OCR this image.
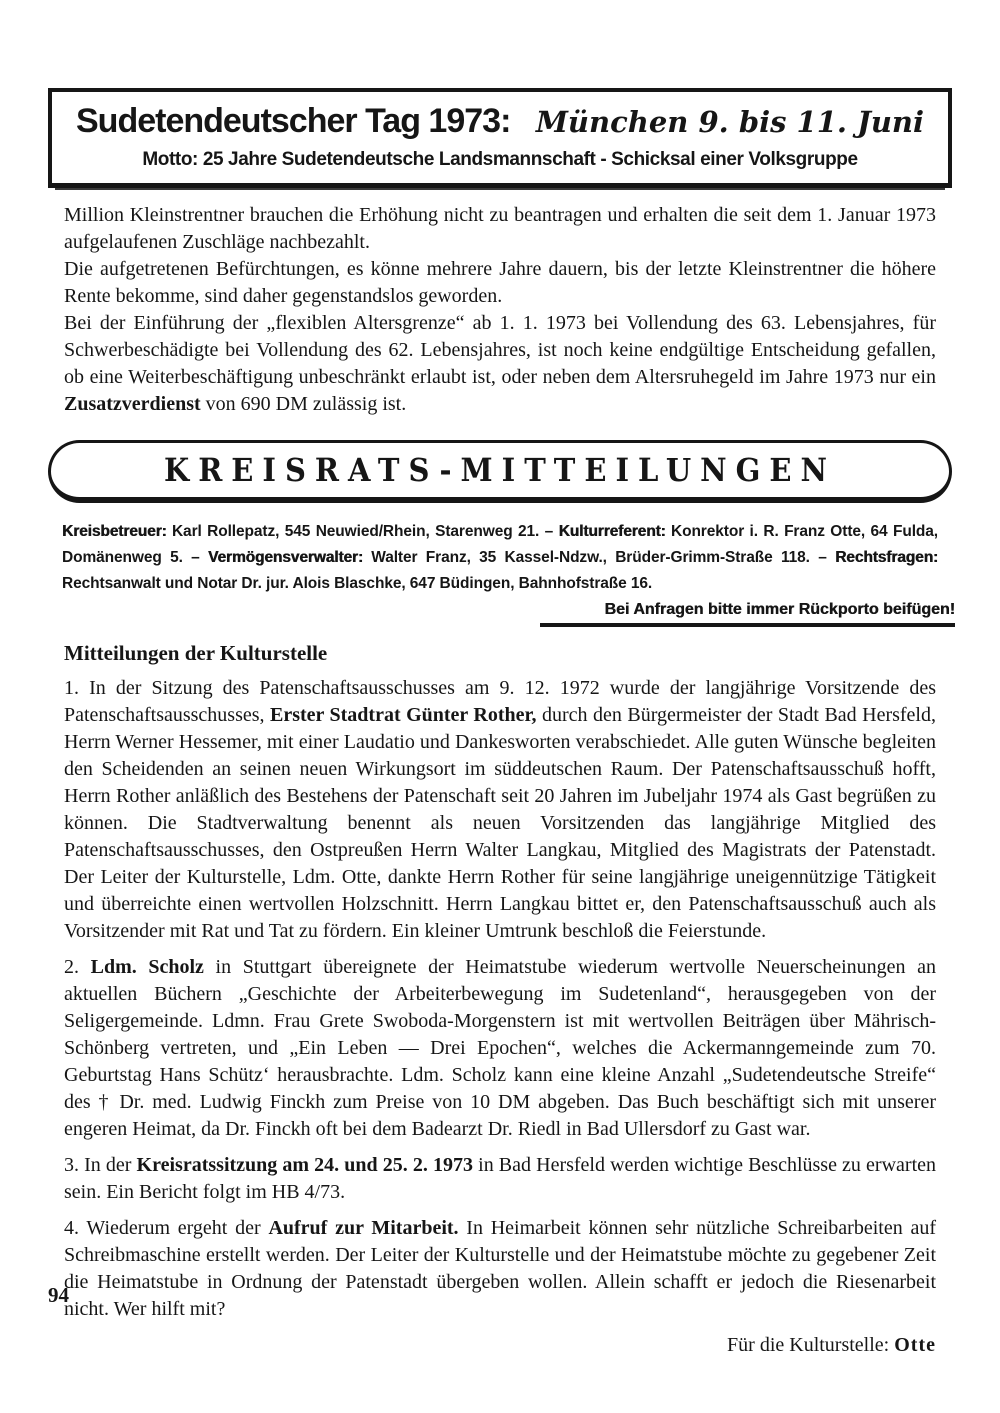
Sudetendeutscher Tag 1973: München 9. bis 11. Juni
Motto: 25 Jahre Sudetendeutsche Landsmannschaft - Schicksal einer Volksgruppe

Million Kleinstrentner brauchen die Erhöhung nicht zu beantragen und erhalten die seit dem 1. Januar 1973 aufgelaufenen Zuschläge nachbezahlt.

Die aufgetretenen Befürchtungen, es könne mehrere Jahre dauern, bis der letzte Kleinstrentner die höhere Rente bekomme, sind daher gegenstandslos geworden.

Bei der Einführung der „flexiblen Altersgrenze“ ab 1. 1. 1973 bei Vollendung des 63. Lebensjahres, für Schwerbeschädigte bei Vollendung des 62. Lebensjahres, ist noch keine endgültige Entscheidung gefallen, ob eine Weiterbeschäftigung unbeschränkt erlaubt ist, oder neben dem Altersruhegeld im Jahre 1973 nur ein Zusatzverdienst von 690 DM zulässig ist.

KREISRATS-MITTEILUNGEN

Kreisbetreuer: Karl Rollepatz, 545 Neuwied/Rhein, Starenweg 21. – Kulturreferent: Konrektor i. R. Franz Otte, 64 Fulda, Domänenweg 5. – Vermögensverwalter: Walter Franz, 35 Kassel-Ndzw., Brüder-Grimm-Straße 118. – Rechtsfragen: Rechtsanwalt und Notar Dr. jur. Alois Blaschke, 647 Büdingen, Bahnhofstraße 16.

Bei Anfragen bitte immer Rückporto beifügen!
Mitteilungen der Kulturstelle

1. In der Sitzung des Patenschaftsausschusses am 9. 12. 1972 wurde der langjährige Vorsitzende des Patenschaftsausschusses, Erster Stadtrat Günter Rother, durch den Bürgermeister der Stadt Bad Hersfeld, Herrn Werner Hessemer, mit einer Laudatio und Dankesworten verabschiedet. Alle guten Wünsche begleiten den Scheidenden an seinen neuen Wirkungsort im süddeutschen Raum. Der Patenschaftsausschuß hofft, Herrn Rother anläßlich des Bestehens der Patenschaft seit 20 Jahren im Jubeljahr 1974 als Gast begrüßen zu können. Die Stadtverwaltung benennt als neuen Vorsitzenden das langjährige Mitglied des Patenschaftsausschusses, den Ostpreußen Herrn Walter Langkau, Mitglied des Magistrats der Patenstadt. Der Leiter der Kulturstelle, Ldm. Otte, dankte Herrn Rother für seine langjährige uneigennützige Tätigkeit und überreichte einen wertvollen Holzschnitt. Herrn Langkau bittet er, den Patenschaftsausschuß auch als Vorsitzender mit Rat und Tat zu fördern. Ein kleiner Umtrunk beschloß die Feierstunde.

2. Ldm. Scholz in Stuttgart übereignete der Heimatstube wiederum wertvolle Neuerscheinungen an aktuellen Büchern „Geschichte der Arbeiterbewegung im Sudetenland“, herausgegeben von der Seligergemeinde. Ldmn. Frau Grete Swoboda-Morgenstern ist mit wertvollen Beiträgen über Mährisch-Schönberg vertreten, und „Ein Leben — Drei Epochen“, welches die Ackermanngemeinde zum 70. Geburtstag Hans Schütz‘ herausbrachte. Ldm. Scholz kann eine kleine Anzahl „Sudetendeutsche Streife“ des † Dr. med. Ludwig Finckh zum Preise von 10 DM abgeben. Das Buch beschäftigt sich mit unserer engeren Heimat, da Dr. Finckh oft bei dem Badearzt Dr. Riedl in Bad Ullersdorf zu Gast war.

3. In der Kreisratssitzung am 24. und 25. 2. 1973 in Bad Hersfeld werden wichtige Beschlüsse zu erwarten sein. Ein Bericht folgt im HB 4/73.

4. Wiederum ergeht der Aufruf zur Mitarbeit. In Heimarbeit können sehr nützliche Schreibarbeiten auf Schreibmaschine erstellt werden. Der Leiter der Kulturstelle und der Heimatstube möchte zu gegebener Zeit die Heimatstube in Ordnung der Patenstadt übergeben wollen. Allein schafft er jedoch die Riesenarbeit nicht. Wer hilft mit?

Für die Kulturstelle: Otte

94
